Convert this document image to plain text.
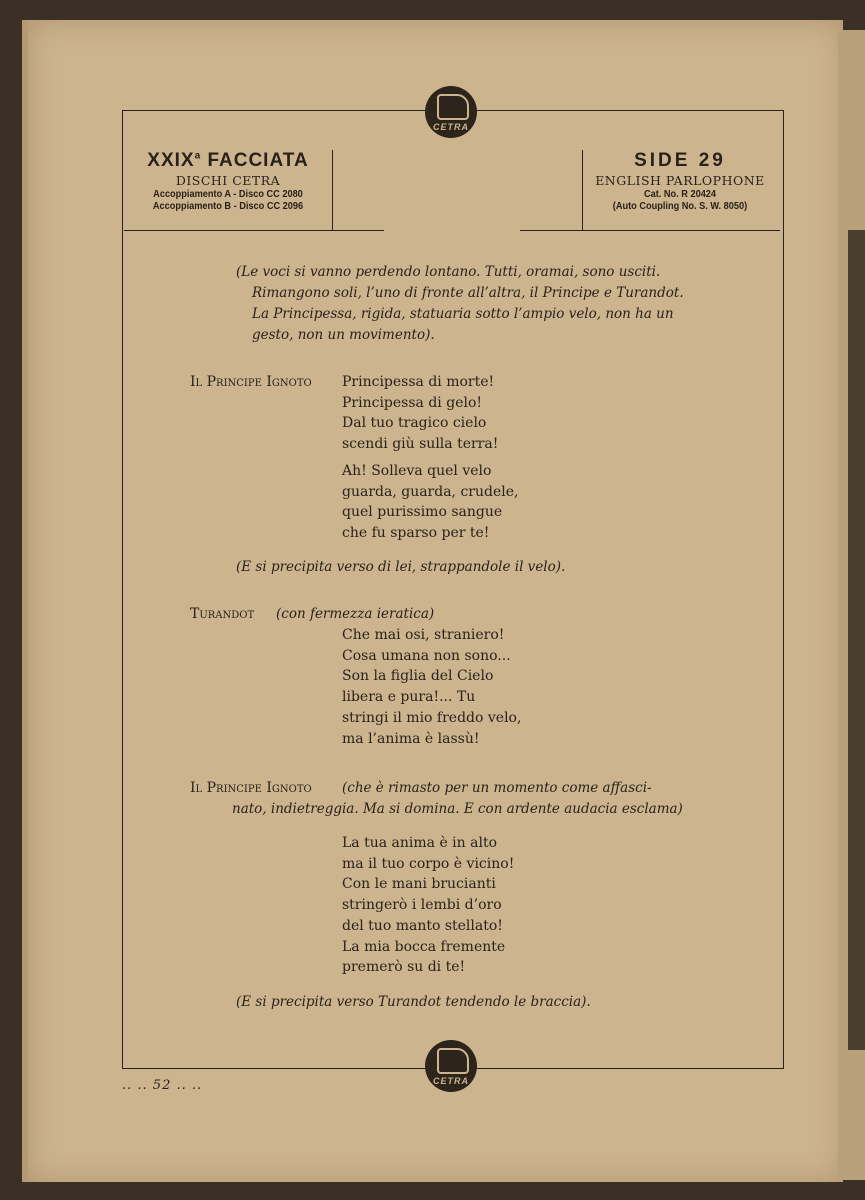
CETRA
XXIX$^a$ FACCIATA
DISCHI CETRA
Accoppiamento A - Disco CC 2080
Accoppiamento B - Disco CC 2096
SIDE 29
ENGLISH PARLOPHONE
Cat. No. R 20424
(Auto Coupling No. S. W. 8050)
(Le voci si vanno perdendo lontano. Tutti, oramai, sono usciti. Rimangono soli, l’uno di fronte all’altra, il Principe e Turandot. La Principessa, rigida, statuaria sotto l’ampio velo, non ha un gesto, non un movimento).
Il Principe Ignoto Principessa di morte!
Principessa di gelo!
Dal tuo tragico cielo
scendi giù sulla terra!
Ah! Solleva quel velo
guarda, guarda, crudele,
quel purissimo sangue
che fu sparso per te!
(E si precipita verso di lei, strappandole il velo).
Turandot (con fermezza ieratica)
Che mai osi, straniero!
Cosa umana non sono...
Son la figlia del Cielo
libera e pura!... Tu
stringi il mio freddo velo,
ma l’anima è lassù!
Il Principe Ignoto (che è rimasto per un momento come affasci-
nato, indietreggia. Ma si domina. E con ardente audacia esclama)
La tua anima è in alto
ma il tuo corpo è vicino!
Con le mani brucianti
stringerò i lembi d’oro
del tuo manto stellato!
La mia bocca fremente
premerò su di te!
(E si precipita verso Turandot tendendo le braccia).
CETRA
.. .. 52 .. ..
